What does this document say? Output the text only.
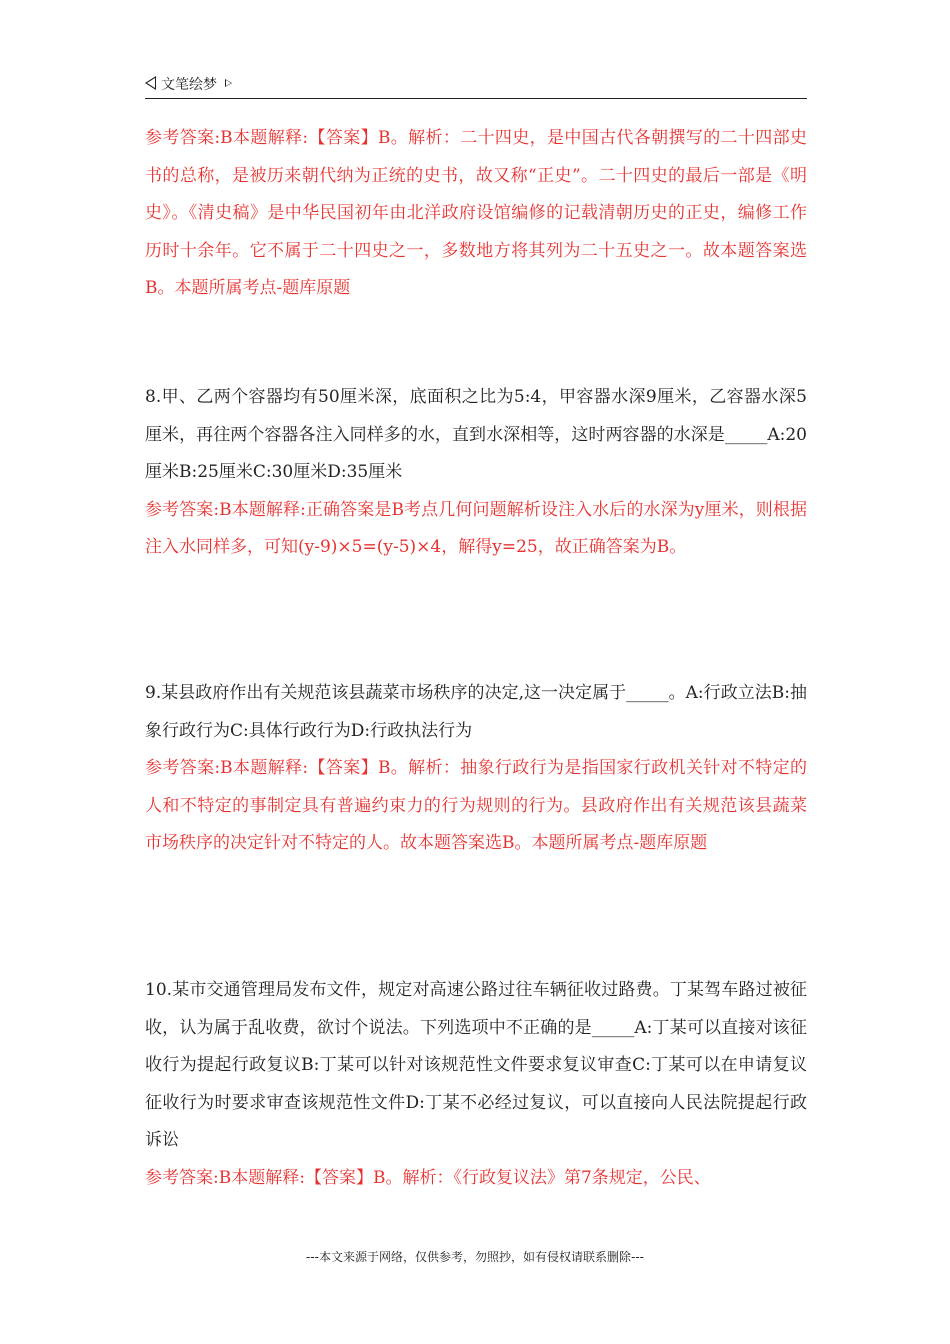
文笔绘梦

参考答案:B本题解释:【答案】B。解析：二十四史，是中国古代各朝撰写的二十四部史书的总称，是被历来朝代纳为正统的史书，故又称“正史”。二十四史的最后一部是《明史》。《清史稿》是中华民国初年由北洋政府设馆编修的记载清朝历史的正史，编修工作历时十余年。它不属于二十四史之一，多数地方将其列为二十五史之一。故本题答案选B。本题所属考点-题库原题

8.甲、乙两个容器均有50厘米深，底面积之比为5:4，甲容器水深9厘米，乙容器水深5厘米，再往两个容器各注入同样多的水，直到水深相等，这时两容器的水深是_____A:20厘米B:25厘米C:30厘米D:35厘米

参考答案:B本题解释:正确答案是B考点几何问题解析设注入水后的水深为y厘米，则根据注入水同样多，可知(y-9)×5=(y-5)×4，解得y=25，故正确答案为B。

9.某县政府作出有关规范该县蔬菜市场秩序的决定,这一决定属于_____。A:行政立法B:抽象行政行为C:具体行政行为D:行政执法行为

参考答案:B本题解释:【答案】B。解析：抽象行政行为是指国家行政机关针对不特定的人和不特定的事制定具有普遍约束力的行为规则的行为。县政府作出有关规范该县蔬菜市场秩序的决定针对不特定的人。故本题答案选B。本题所属考点-题库原题

10.某市交通管理局发布文件，规定对高速公路过往车辆征收过路费。丁某驾车路过被征收，认为属于乱收费，欲讨个说法。下列选项中不正确的是_____A:丁某可以直接对该征收行为提起行政复议B:丁某可以针对该规范性文件要求复议审查C:丁某可以在申请复议征收行为时要求审查该规范性文件D:丁某不必经过复议，可以直接向人民法院提起行政诉讼

参考答案:B本题解释:【答案】B。解析：《行政复议法》第7条规定，公民、

---本文来源于网络，仅供参考，勿照抄，如有侵权请联系删除---
